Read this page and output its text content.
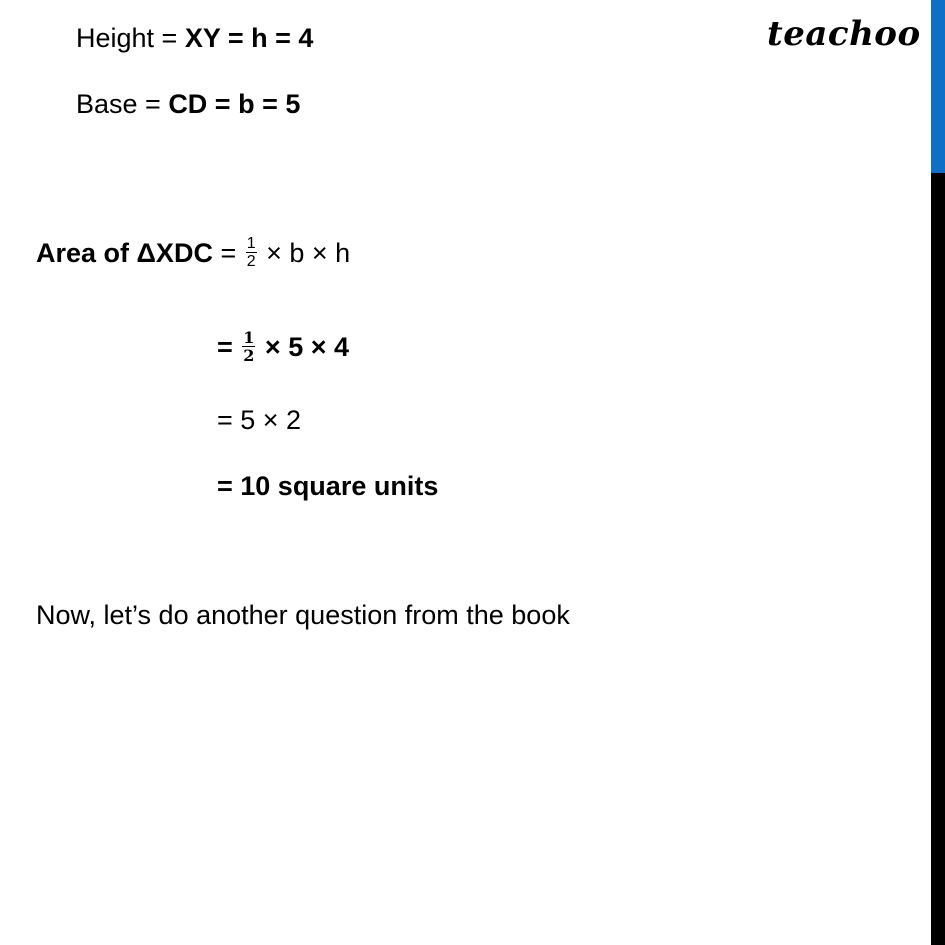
teachoo
Height = XY = h = 4
Base = CD = b = 5
Area of $\Delta XDC = \frac{1}{2} \times b \times h$
= $\frac{1}{2} \times 5 \times 4$
= 5 × 2
= 10 square units
Now, let’s do another question from the book
